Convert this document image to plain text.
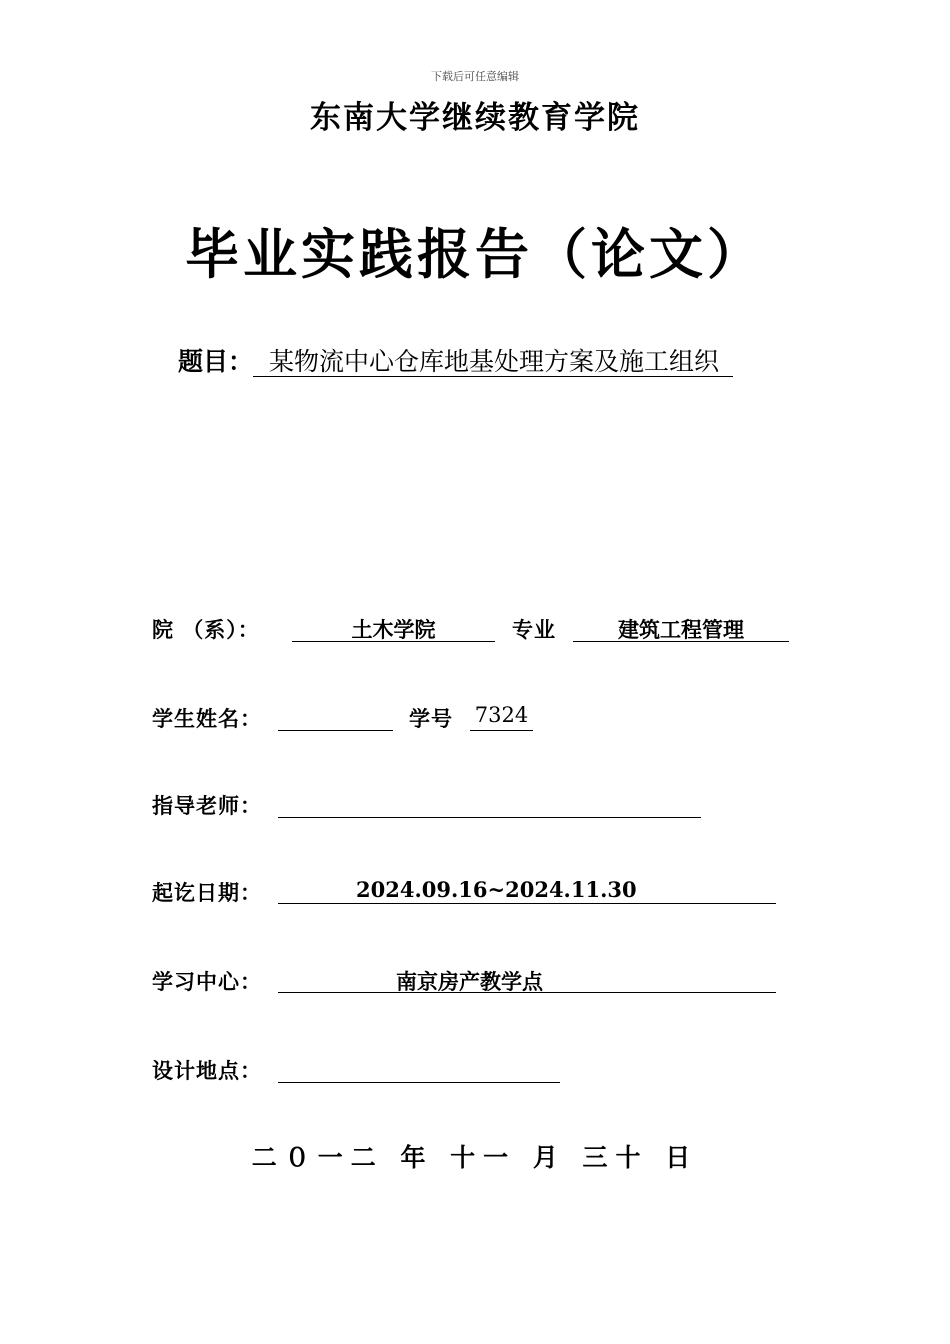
下载后可任意编辑
东南大学继续教育学院
毕业实践报告（论文）
题目： 某物流中心仓库地基处理方案及施工组织
院 （系）：	土木学院	专业	建筑工程管理
学生姓名：	学号 7324
指导老师：
起讫日期：	2024.09.16~2024.11.30
学习中心：	南京房产教学点
设计地点：
二０一二 年 十一 月 三十 日
